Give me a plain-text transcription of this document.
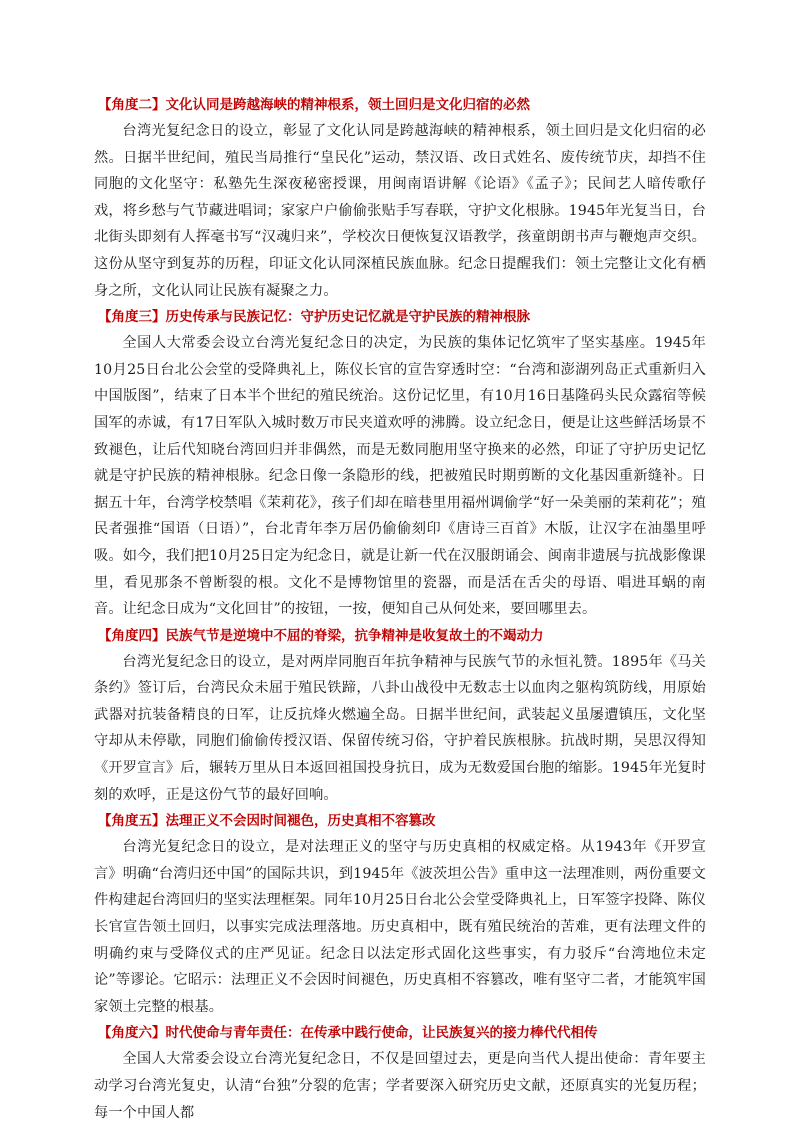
【角度二】文化认同是跨越海峡的精神根系，领土回归是文化归宿的必然

台湾光复纪念日的设立，彰显了文化认同是跨越海峡的精神根系，领土回归是文化归宿的必然。日据半世纪间，殖民当局推行“皇民化”运动，禁汉语、改日式姓名、废传统节庆，却挡不住同胞的文化坚守：私塾先生深夜秘密授课，用闽南语讲解《论语》《孟子》；民间艺人暗传歌仔戏，将乡愁与气节藏进唱词；家家户户偷偷张贴手写春联，守护文化根脉。1945年光复当日，台北街头即刻有人挥毫书写“汉魂归来”，学校次日便恢复汉语教学，孩童朗朗书声与鞭炮声交织。这份从坚守到复苏的历程，印证文化认同深植民族血脉。纪念日提醒我们：领土完整让文化有栖身之所，文化认同让民族有凝聚之力。

【角度三】历史传承与民族记忆：守护历史记忆就是守护民族的精神根脉

全国人大常委会设立台湾光复纪念日的决定，为民族的集体记忆筑牢了坚实基座。1945年10月25日台北公会堂的受降典礼上，陈仪长官的宣告穿透时空：“台湾和澎湖列岛正式重新归入中国版图”，结束了日本半个世纪的殖民统治。这份记忆里，有10月16日基隆码头民众露宿等候国军的赤诚，有17日军队入城时数万市民夹道欢呼的沸腾。设立纪念日，便是让这些鲜活场景不致褪色，让后代知晓台湾回归并非偶然，而是无数同胞用坚守换来的必然，印证了守护历史记忆就是守护民族的精神根脉。纪念日像一条隐形的线，把被殖民时期剪断的文化基因重新缝补。日据五十年，台湾学校禁唱《茉莉花》，孩子们却在暗巷里用福州调偷学“好一朵美丽的茉莉花”；殖民者强推“国语（日语）”，台北青年李万居仍偷偷刻印《唐诗三百首》木版，让汉字在油墨里呼吸。如今，我们把10月25日定为纪念日，就是让新一代在汉服朗诵会、闽南非遗展与抗战影像课里，看见那条不曾断裂的根。文化不是博物馆里的瓷器，而是活在舌尖的母语、唱进耳蜗的南音。让纪念日成为“文化回甘”的按钮，一按，便知自己从何处来，要回哪里去。

【角度四】民族气节是逆境中不屈的脊梁，抗争精神是收复故土的不竭动力

台湾光复纪念日的设立，是对两岸同胞百年抗争精神与民族气节的永恒礼赞。1895年《马关条约》签订后，台湾民众未屈于殖民铁蹄，八卦山战役中无数志士以血肉之躯构筑防线，用原始武器对抗装备精良的日军，让反抗烽火燃遍全岛。日据半世纪间，武装起义虽屡遭镇压，文化坚守却从未停歇，同胞们偷偷传授汉语、保留传统习俗，守护着民族根脉。抗战时期，吴思汉得知《开罗宣言》后，辗转万里从日本返回祖国投身抗日，成为无数爱国台胞的缩影。1945年光复时刻的欢呼，正是这份气节的最好回响。

【角度五】法理正义不会因时间褪色，历史真相不容篡改

台湾光复纪念日的设立，是对法理正义的坚守与历史真相的权威定格。从1943年《开罗宣言》明确“台湾归还中国”的国际共识，到1945年《波茨坦公告》重申这一法理准则，两份重要文件构建起台湾回归的坚实法理框架。同年10月25日台北公会堂受降典礼上，日军签字投降、陈仪长官宣告领土回归，以事实完成法理落地。历史真相中，既有殖民统治的苦难，更有法理文件的明确约束与受降仪式的庄严见证。纪念日以法定形式固化这些事实，有力驳斥“台湾地位未定论”等谬论。它昭示：法理正义不会因时间褪色，历史真相不容篡改，唯有坚守二者，才能筑牢国家领土完整的根基。

【角度六】时代使命与青年责任：在传承中践行使命，让民族复兴的接力棒代代相传

全国人大常委会设立台湾光复纪念日，不仅是回望过去，更是向当代人提出使命：青年要主动学习台湾光复史，认清“台独”分裂的危害；学者要深入研究历史文献，还原真实的光复历程；每一个中国人都
